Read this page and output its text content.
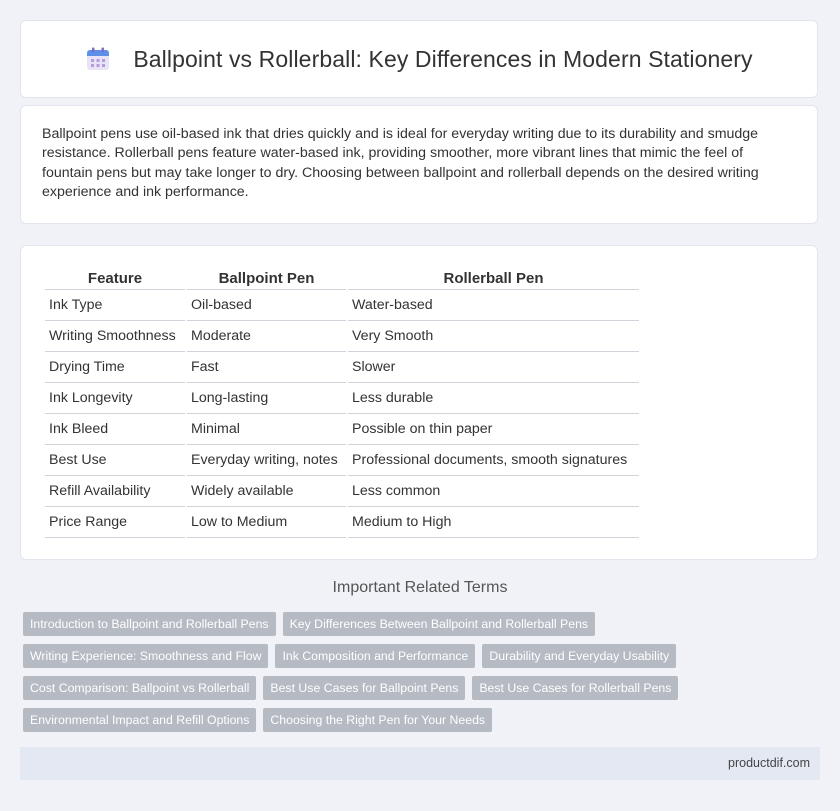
Ballpoint vs Rollerball: Key Differences in Modern Stationery

Ballpoint pens use oil-based ink that dries quickly and is ideal for everyday writing due to its durability and smudge resistance. Rollerball pens feature water-based ink, providing smoother, more vibrant lines that mimic the feel of fountain pens but may take longer to dry. Choosing between ballpoint and rollerball depends on the desired writing experience and ink performance.

Feature	Ballpoint Pen	Rollerball Pen
Ink Type	Oil-based	Water-based
Writing Smoothness	Moderate	Very Smooth
Drying Time	Fast	Slower
Ink Longevity	Long-lasting	Less durable
Ink Bleed	Minimal	Possible on thin paper
Best Use	Everyday writing, notes	Professional documents, smooth signatures
Refill Availability	Widely available	Less common
Price Range	Low to Medium	Medium to High
Important Related Terms
Introduction to Ballpoint and Rollerball Pens	Key Differences Between Ballpoint and Rollerball Pens
Writing Experience: Smoothness and Flow	Ink Composition and Performance	Durability and Everyday Usability
Cost Comparison: Ballpoint vs Rollerball	Best Use Cases for Ballpoint Pens	Best Use Cases for Rollerball Pens
Environmental Impact and Refill Options	Choosing the Right Pen for Your Needs
productdif.com
